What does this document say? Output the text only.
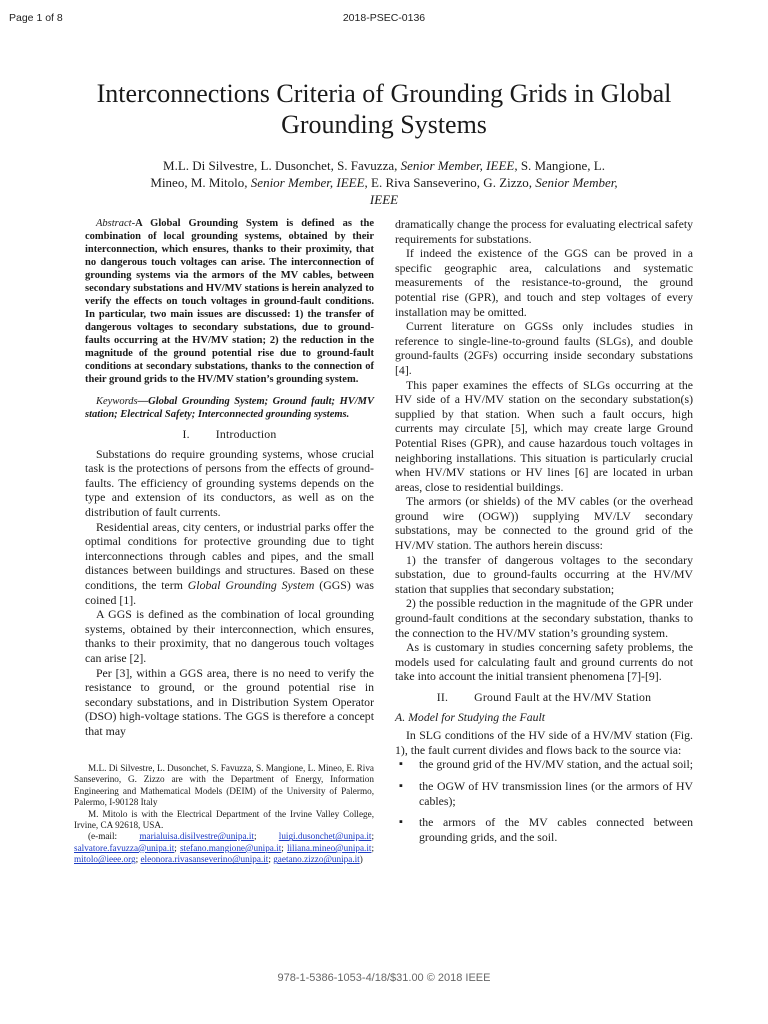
Page 1 of 8	2018-PSEC-0136
Interconnections Criteria of Grounding Grids in Global Grounding Systems
M.L. Di Silvestre, L. Dusonchet, S. Favuzza, Senior Member, IEEE, S. Mangione, L. Mineo, M. Mitolo, Senior Member, IEEE, E. Riva Sanseverino, G. Zizzo, Senior Member, IEEE

Abstract-A Global Grounding System is defined as the combination of local grounding systems, obtained by their interconnection, which ensures, thanks to their proximity, that no dangerous touch voltages can arise. The interconnection of grounding systems via the armors of the MV cables, between secondary substations and HV/MV stations is herein analyzed to verify the effects on touch voltages in ground-fault conditions. In particular, two main issues are discussed: 1) the transfer of dangerous voltages to secondary substations, due to ground-faults occurring at the HV/MV station; 2) the reduction in the magnitude of the ground potential rise due to ground-fault conditions at secondary substations, thanks to the connection of their ground grids to the HV/MV station’s grounding system.

Keywords—Global Grounding System; Ground fault; HV/MV station; Electrical Safety; Interconnected grounding systems.

I. Introduction

Substations do require grounding systems, whose crucial task is the protections of persons from the effects of ground-faults. The efficiency of grounding systems depends on the type and extension of its conductors, as well as on the distribution of fault currents.

Residential areas, city centers, or industrial parks offer the optimal conditions for protective grounding due to tight interconnections through cables and pipes, and the small distances between buildings and structures. Based on these conditions, the term Global Grounding System (GGS) was coined [1].

A GGS is defined as the combination of local grounding systems, obtained by their interconnection, which ensures, thanks to their proximity, that no dangerous touch voltages can arise [2].

Per [3], within a GGS area, there is no need to verify the resistance to ground, or the ground potential rise in secondary substations, and in Distribution System Operator (DSO) high-voltage stations. The GGS is therefore a concept that may

dramatically change the process for evaluating electrical safety requirements for substations.

If indeed the existence of the GGS can be proved in a specific geographic area, calculations and systematic measurements of the resistance-to-ground, the ground potential rise (GPR), and touch and step voltages of every installation may be omitted.

Current literature on GGSs only includes studies in reference to single-line-to-ground faults (SLGs), and double ground-faults (2GFs) occurring inside secondary substations [4].

This paper examines the effects of SLGs occurring at the HV side of a HV/MV station on the secondary substation(s) supplied by that station. When such a fault occurs, high currents may circulate [5], which may create large Ground Potential Rises (GPR), and cause hazardous touch voltages in neighboring installations. This situation is particularly crucial when HV/MV stations or HV lines [6] are located in urban areas, close to residential buildings.

The armors (or shields) of the MV cables (or the overhead ground wire (OGW)) supplying MV/LV secondary substations, may be connected to the ground grid of the HV/MV station. The authors herein discuss:

1) the transfer of dangerous voltages to the secondary substation, due to ground-faults occurring at the HV/MV station that supplies that secondary substation;

2) the possible reduction in the magnitude of the GPR under ground-fault conditions at the secondary substation, thanks to the connection to the HV/MV station’s grounding system.

As is customary in studies concerning safety problems, the models used for calculating fault and ground currents do not take into account the initial transient phenomena [7]-[9].

II. Ground Fault at the HV/MV Station

A. Model for Studying the Fault

In SLG conditions of the HV side of a HV/MV station (Fig. 1), the fault current divides and flows back to the source via:

▪ the ground grid of the HV/MV station, and the actual soil;
▪ the OGW of HV transmission lines (or the armors of HV cables);
▪ the armors of the MV cables connected between grounding grids, and the soil.

M.L. Di Silvestre, L. Dusonchet, S. Favuzza, S. Mangione, L. Mineo, E. Riva Sanseverino, G. Zizzo are with the Department of Energy, Information Engineering and Mathematical Models (DEIM) of the University of Palermo, Palermo, I-90128 Italy

M. Mitolo is with the Electrical Department of the Irvine Valley College, Irvine, CA 92618, USA.

(e-mail: marialuisa.disilvestre@unipa.it; luigi.dusonchet@unipa.it; salvatore.favuzza@unipa.it; stefano.mangione@unipa.it; liliana.mineo@unipa.it; mitolo@ieee.org; eleonora.rivasanseverino@unipa.it; gaetano.zizzo@unipa.it)

978-1-5386-1053-4/18/$31.00 © 2018 IEEE
